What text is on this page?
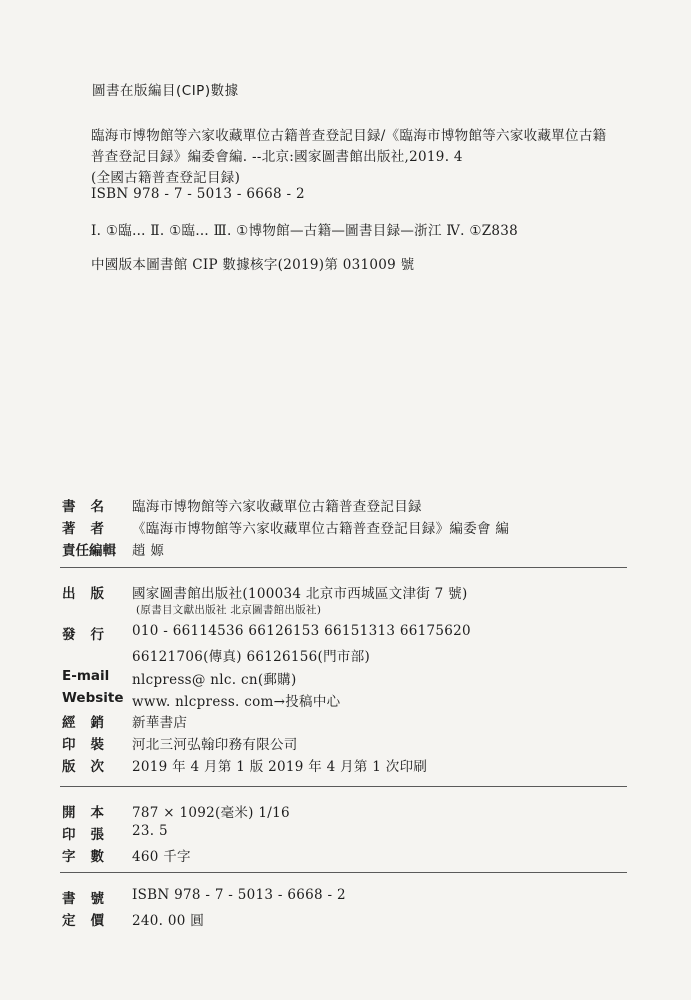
圖書在版編目(CIP)數據
臨海市博物館等六家收藏單位古籍普查登記目録/《臨海市博物館等六家收藏單位古籍
普查登記目録》編委會編. --北京:國家圖書館出版社,2019. 4
(全國古籍普查登記目録)
ISBN 978 - 7 - 5013 - 6668 - 2
Ⅰ. ①臨… Ⅱ. ①臨… Ⅲ. ①博物館—古籍—圖書目録—浙江 Ⅳ. ①Z838
中國版本圖書館 CIP 數據核字(2019)第 031009 號
書名 臨海市博物館等六家收藏單位古籍普查登記目録
著者 《臨海市博物館等六家收藏單位古籍普查登記目録》編委會 編
責任編輯 趙 嫄
出版 國家圖書館出版社(100034 北京市西城區文津街 7 號)
(原書目文獻出版社 北京圖書館出版社)
發行 010 - 66114536 66126153 66151313 66175620
66121706(傳真) 66126156(門市部)
E-mail nlcpress@ nlc. cn(郵購)
Website www. nlcpress. com→投稿中心
經銷 新華書店
印裝 河北三河弘翰印務有限公司
版次 2019 年 4 月第 1 版 2019 年 4 月第 1 次印刷
開本 787 × 1092(毫米) 1/16
印張 23. 5
字數 460 千字
書號 ISBN 978 - 7 - 5013 - 6668 - 2
定價 240. 00 圓
